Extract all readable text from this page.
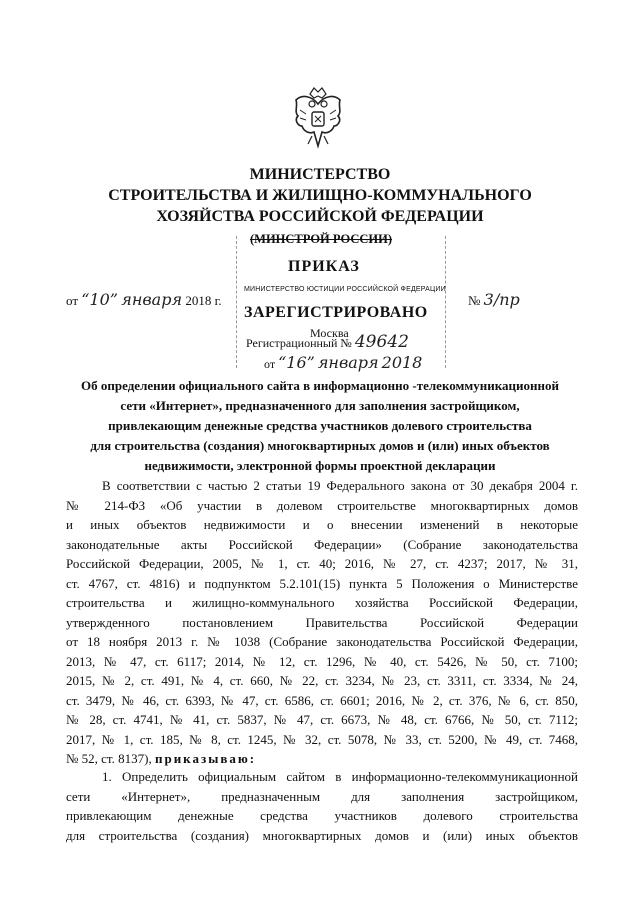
МИНИСТЕРСТВО
СТРОИТЕЛЬСТВА И ЖИЛИЩНО-КОММУНАЛЬНОГО
ХОЗЯЙСТВА РОССИЙСКОЙ ФЕДЕРАЦИИ
(МИНСТРОЙ РОССИИ)
ПРИКАЗ
от “10” января 2018 г.	№ 3/пр
МИНИСТЕРСТВО ЮСТИЦИИ РОССИЙСКОЙ ФЕДЕРАЦИИ
ЗАРЕГИСТРИРОВАНО
Москва
Регистрационный № 49642
от “16” января 2018
Об определении официального сайта в информационно -телекоммуникационной
сети «Интернет», предназначенного для заполнения застройщиком,
привлекающим денежные средства участников долевого строительства
для строительства (создания) многоквартирных домов и (или) иных объектов
недвижимости, электронной формы проектной декларации
В соответствии с частью 2 статьи 19 Федерального закона от 30 декабря 2004 г.
№ 214-ФЗ «Об участии в долевом строительстве многоквартирных домов
и иных объектов недвижимости и о внесении изменений в некоторые
законодательные акты Российской Федерации» (Собрание законодательства
Российской Федерации, 2005, № 1, ст. 40; 2016, № 27, ст. 4237; 2017, № 31,
ст. 4767, ст. 4816) и подпунктом 5.2.101(15) пункта 5 Положения о Министерстве
строительства и жилищно-коммунального хозяйства Российской Федерации,
утвержденного постановлением Правительства Российской Федерации
от 18 ноября 2013 г. № 1038 (Собрание законодательства Российской Федерации,
2013, № 47, ст. 6117; 2014, № 12, ст. 1296, № 40, ст. 5426, № 50, ст. 7100;
2015, № 2, ст. 491, № 4, ст. 660, № 22, ст. 3234, № 23, ст. 3311, ст. 3334, № 24,
ст. 3479, № 46, ст. 6393, № 47, ст. 6586, ст. 6601; 2016, № 2, ст. 376, № 6, ст. 850,
№ 28, ст. 4741, № 41, ст. 5837, № 47, ст. 6673, № 48, ст. 6766, № 50, ст. 7112;
2017, № 1, ст. 185, № 8, ст. 1245, № 32, ст. 5078, № 33, ст. 5200, № 49, ст. 7468,
№ 52, ст. 8137), приказываю:
1. Определить официальным сайтом в информационно-телекоммуникационной
сети «Интернет», предназначенным для заполнения застройщиком,
привлекающим денежные средства участников долевого строительства
для строительства (создания) многоквартирных домов и (или) иных объектов
